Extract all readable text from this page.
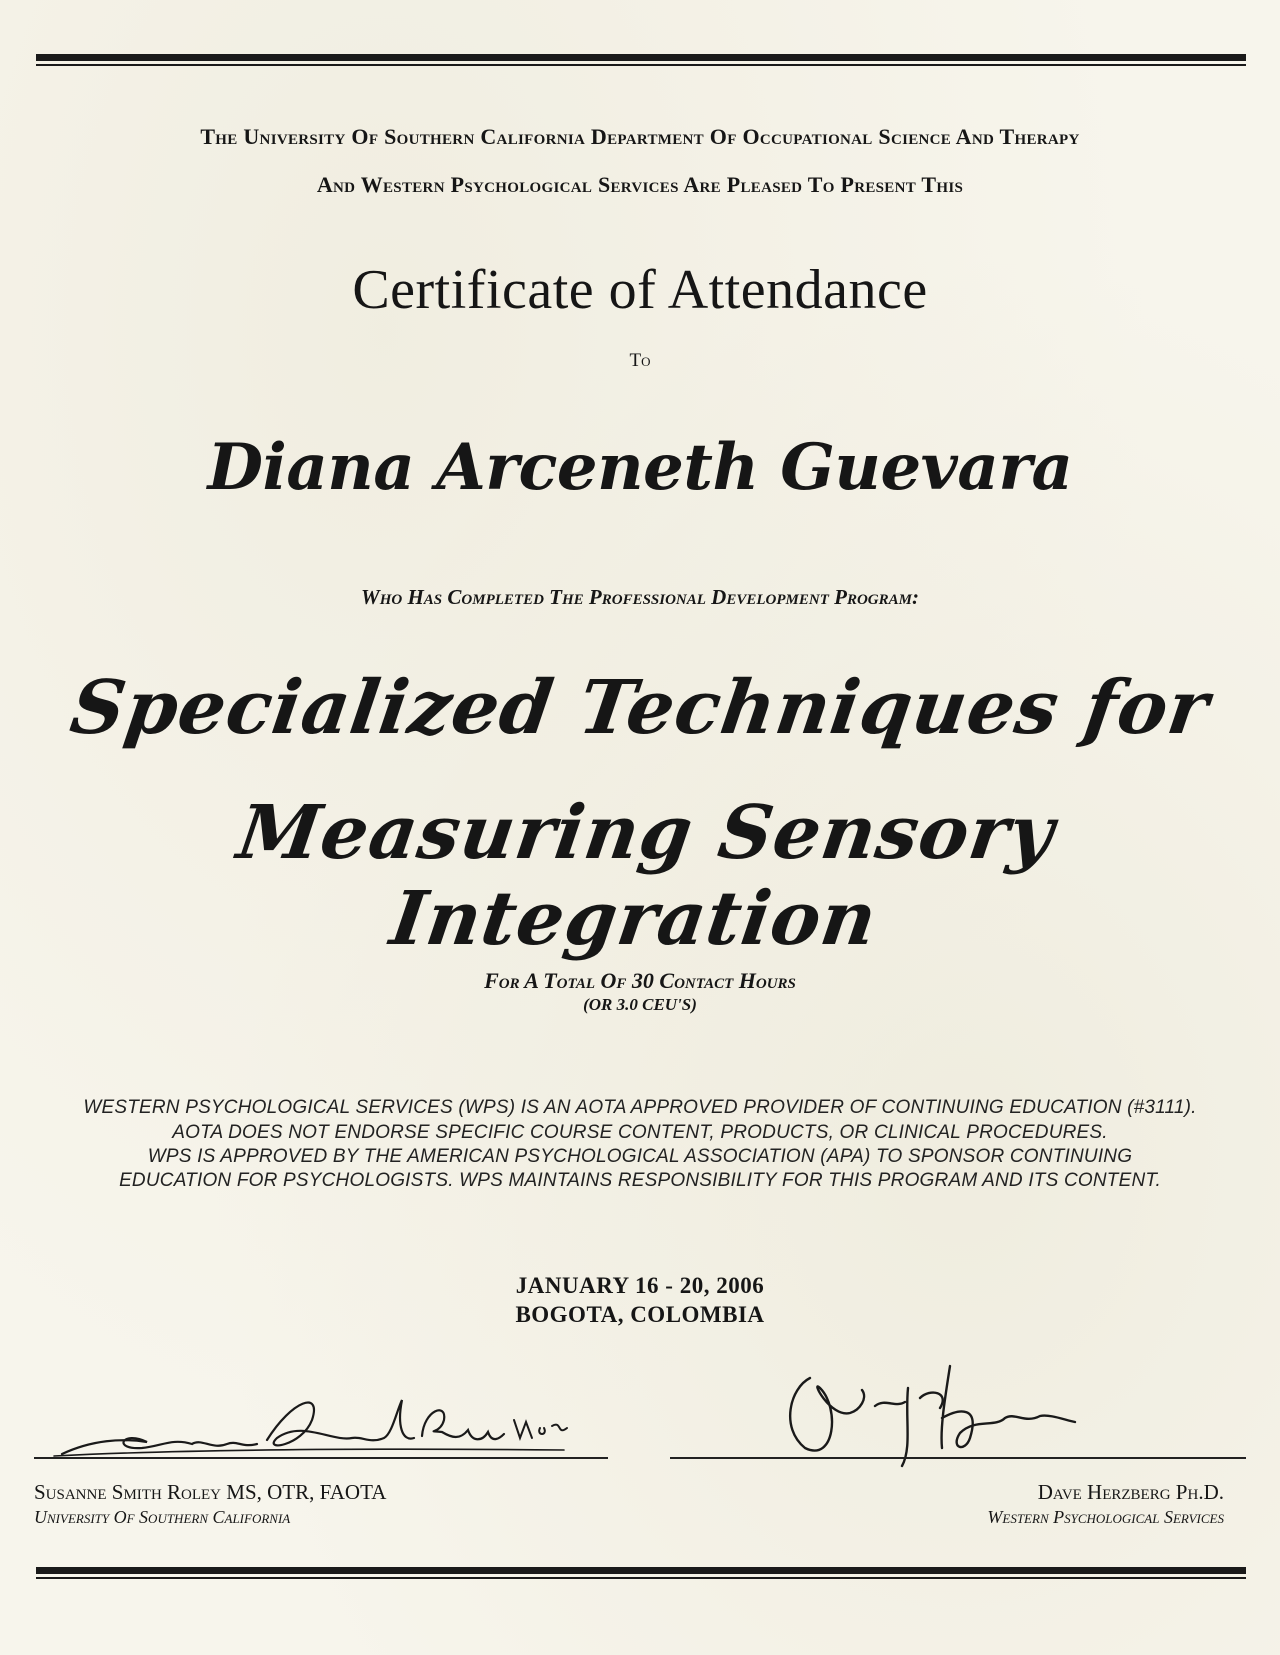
The University Of Southern California Department Of Occupational Science And Therapy
And Western Psychological Services Are Pleased To Present This
Certificate of Attendance
To
Diana Arceneth Guevara
Who Has Completed The Professional Development Program:
Specialized Techniques for
Measuring Sensory Integration
For A Total Of 30 Contact Hours
(OR 3.0 CEU'S)
WESTERN PSYCHOLOGICAL SERVICES (WPS) IS AN AOTA APPROVED PROVIDER OF CONTINUING EDUCATION (#3111).
AOTA DOES NOT ENDORSE SPECIFIC COURSE CONTENT, PRODUCTS, OR CLINICAL PROCEDURES.
WPS IS APPROVED BY THE AMERICAN PSYCHOLOGICAL ASSOCIATION (APA) TO SPONSOR CONTINUING
EDUCATION FOR PSYCHOLOGISTS. WPS MAINTAINS RESPONSIBILITY FOR THIS PROGRAM AND ITS CONTENT.
JANUARY 16 - 20, 2006
BOGOTA, COLOMBIA
Susanne Smith Roley MS, OTR, FAOTA
University Of Southern California
Dave Herzberg Ph.D.
Western Psychological Services
